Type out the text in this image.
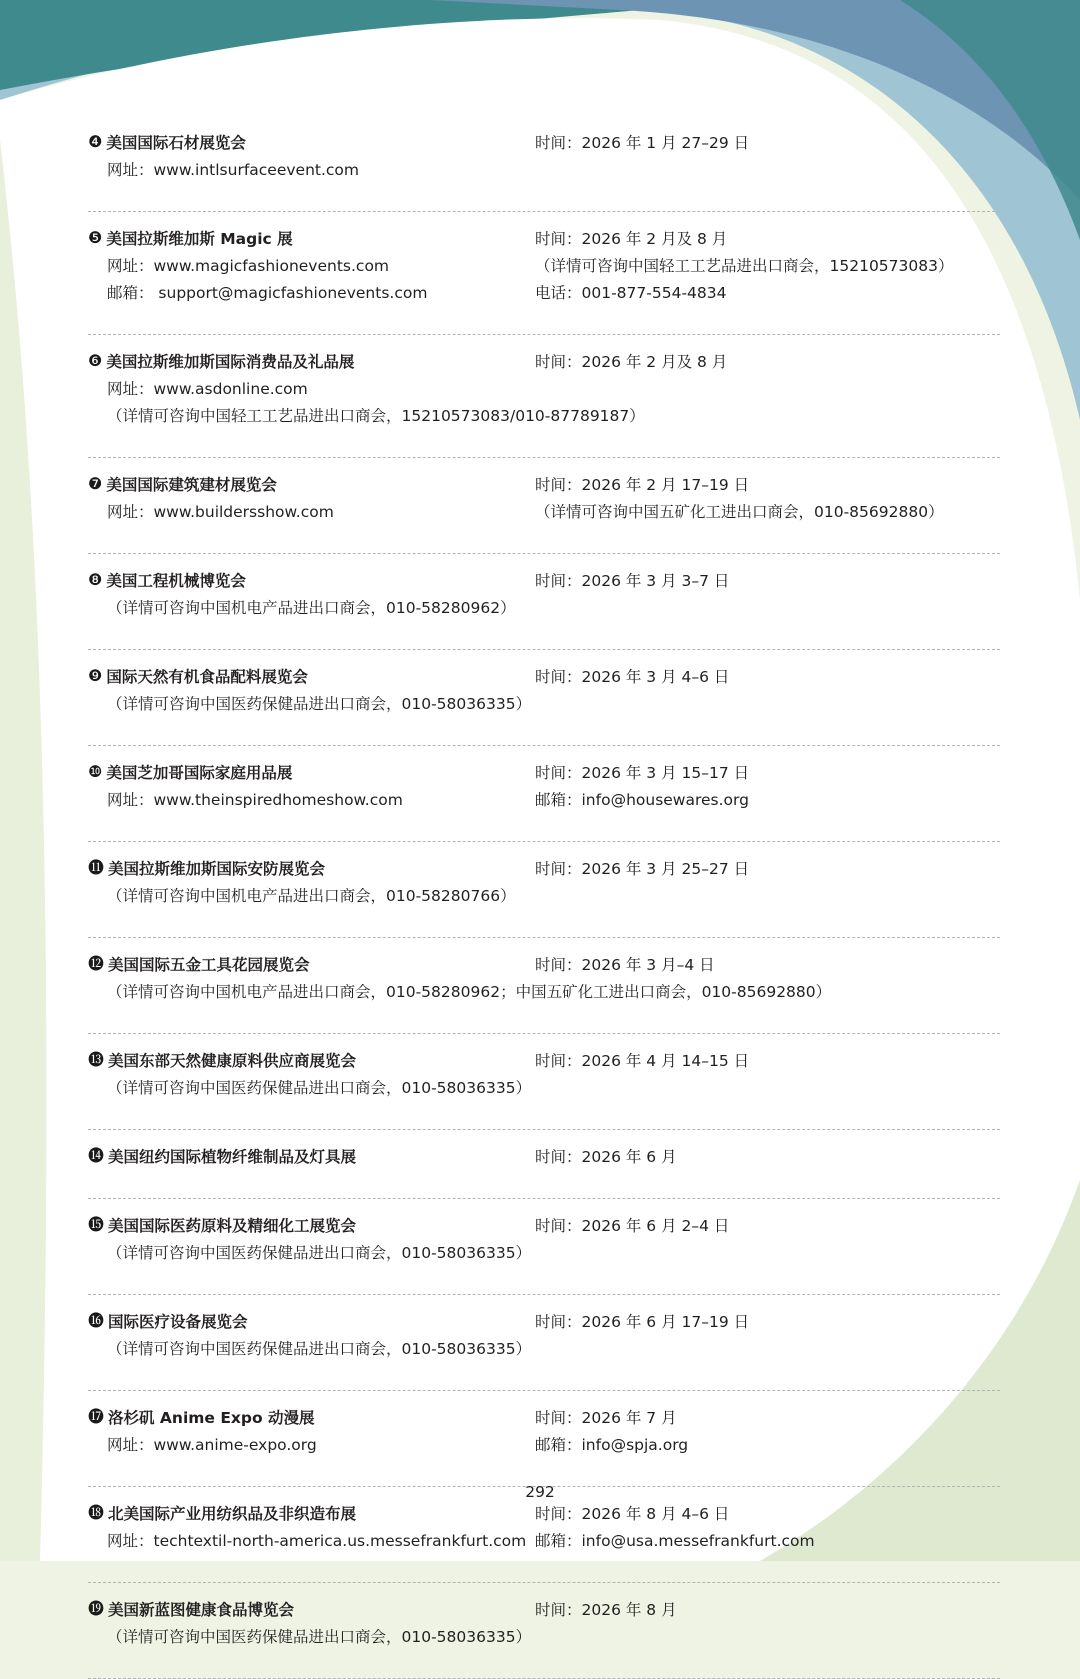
❹ 美国国际石材展览会	时间：2026 年 1 月 27–29 日
网址：www.intlsurfaceevent.com
❺ 美国拉斯维加斯 Magic 展	时间：2026 年 2 月及 8 月
网址：www.magicfashionevents.com	（详情可咨询中国轻工工艺品进出口商会，15210573083）
邮箱： support@magicfashionevents.com	电话：001-877-554-4834
❻ 美国拉斯维加斯国际消费品及礼品展	时间：2026 年 2 月及 8 月
网址：www.asdonline.com
（详情可咨询中国轻工工艺品进出口商会，15210573083/010-87789187）
❼ 美国国际建筑建材展览会	时间：2026 年 2 月 17–19 日
网址：www.buildersshow.com	（详情可咨询中国五矿化工进出口商会，010-85692880）
❽ 美国工程机械博览会	时间：2026 年 3 月 3–7 日
（详情可咨询中国机电产品进出口商会，010-58280962）
❾ 国际天然有机食品配料展览会	时间：2026 年 3 月 4–6 日
（详情可咨询中国医药保健品进出口商会，010-58036335）
❿ 美国芝加哥国际家庭用品展	时间：2026 年 3 月 15–17 日
网址：www.theinspiredhomeshow.com	邮箱：info@housewares.org
⓫ 美国拉斯维加斯国际安防展览会	时间：2026 年 3 月 25–27 日
（详情可咨询中国机电产品进出口商会，010-58280766）
⓬ 美国国际五金工具花园展览会	时间：2026 年 3 月–4 日
（详情可咨询中国机电产品进出口商会，010-58280962；中国五矿化工进出口商会，010-85692880）
⓭ 美国东部天然健康原料供应商展览会	时间：2026 年 4 月 14–15 日
（详情可咨询中国医药保健品进出口商会，010-58036335）
⓮ 美国纽约国际植物纤维制品及灯具展	时间：2026 年 6 月
⓯ 美国国际医药原料及精细化工展览会	时间：2026 年 6 月 2–4 日
（详情可咨询中国医药保健品进出口商会，010-58036335）
⓰ 国际医疗设备展览会	时间：2026 年 6 月 17–19 日
（详情可咨询中国医药保健品进出口商会，010-58036335）
⓱ 洛杉矶 Anime Expo 动漫展	时间：2026 年 7 月
网址：www.anime-expo.org	邮箱：info@spjа.org
⓲ 北美国际产业用纺织品及非织造布展	时间：2026 年 8 月 4–6 日
网址：techtextil-north-america.us.messefrankfurt.com 邮箱：info@usa.messefrankfurt.com
⓳ 美国新蓝图健康食品博览会	时间：2026 年 8 月
（详情可咨询中国医药保健品进出口商会，010-58036335）
292
